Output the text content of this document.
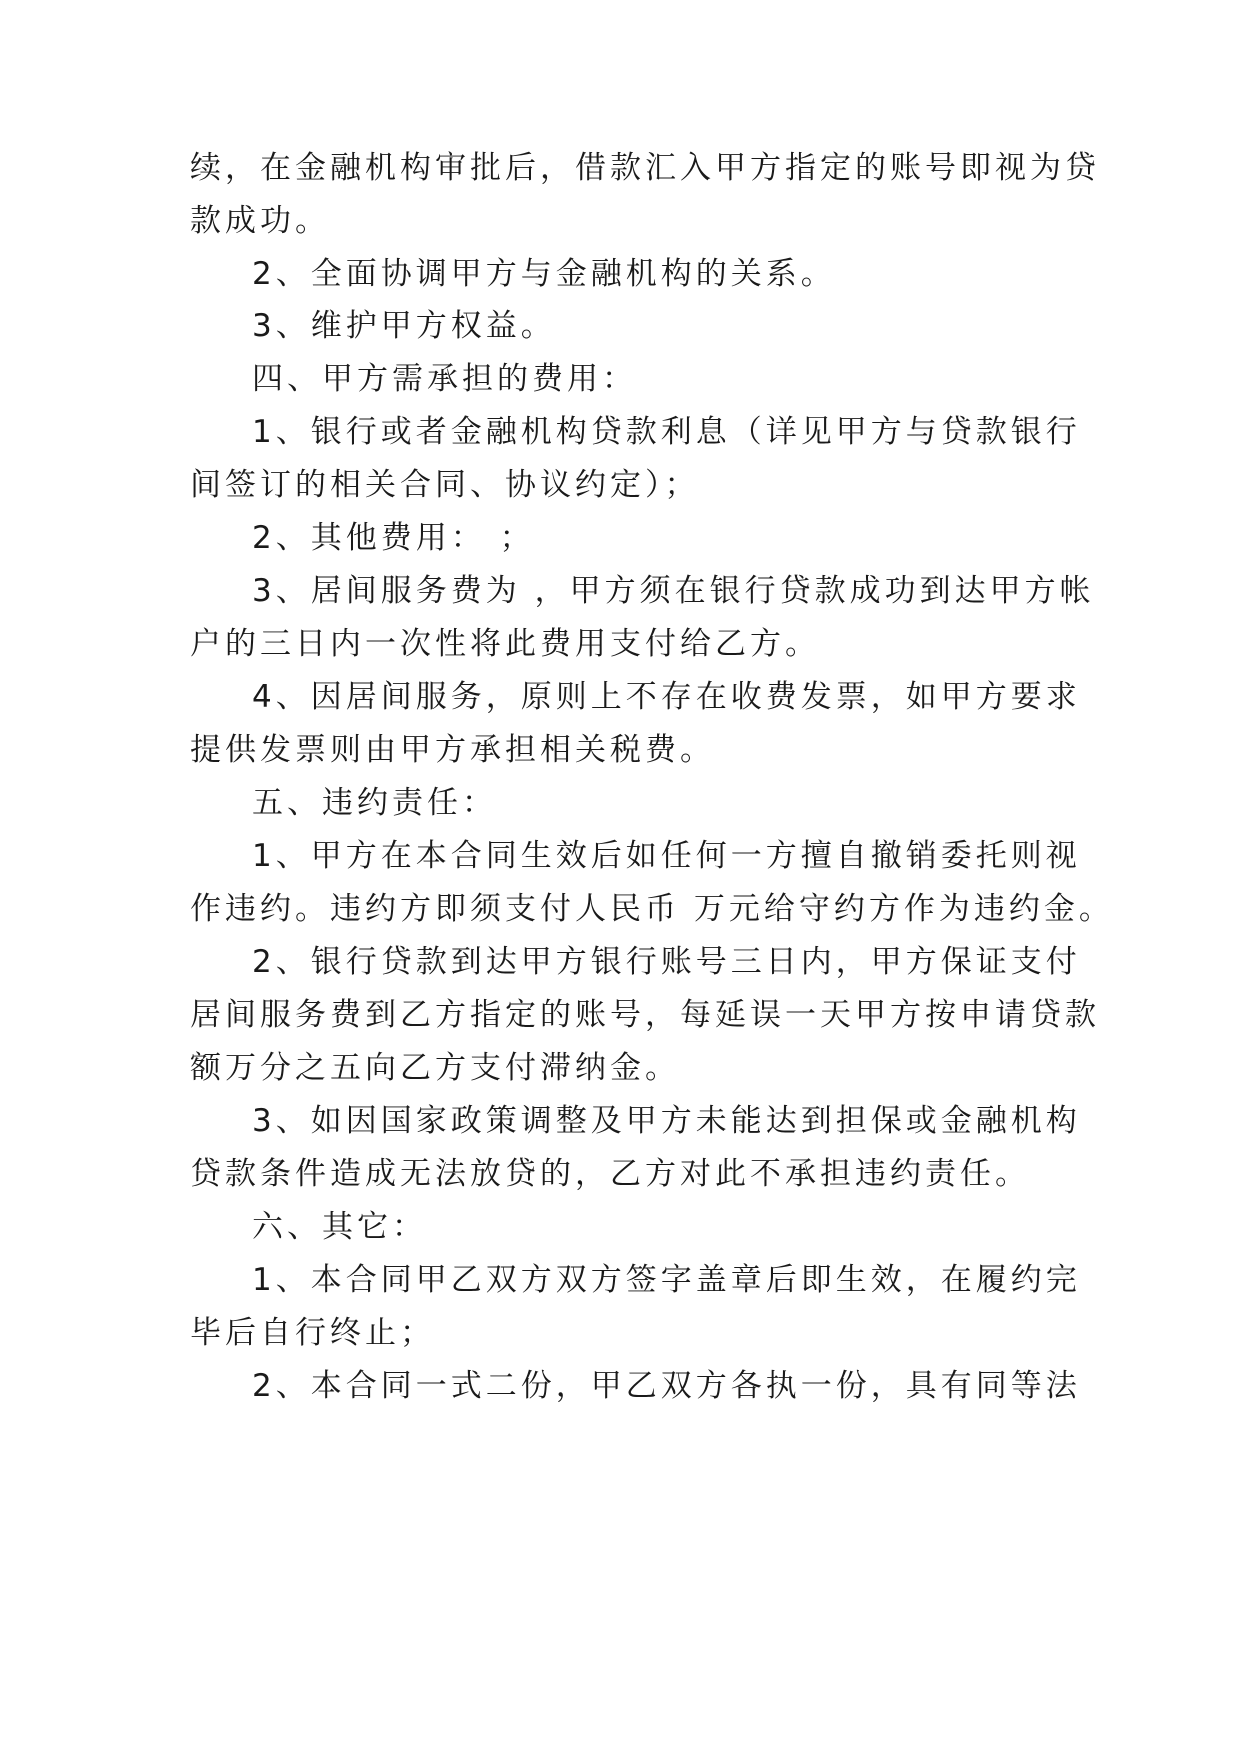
续，在金融机构审批后，借款汇入甲方指定的账号即视为贷
款成功。
2、全面协调甲方与金融机构的关系。
3、维护甲方权益。
四、甲方需承担的费用：
1、银行或者金融机构贷款利息（详见甲方与贷款银行
间签订的相关合同、协议约定）；
2、其他费用： ；
3、居间服务费为 ，甲方须在银行贷款成功到达甲方帐
户的三日内一次性将此费用支付给乙方。
4、因居间服务，原则上不存在收费发票，如甲方要求
提供发票则由甲方承担相关税费。
五、违约责任：
1、甲方在本合同生效后如任何一方擅自撤销委托则视
作违约。违约方即须支付人民币 万元给守约方作为违约金。
2、银行贷款到达甲方银行账号三日内，甲方保证支付
居间服务费到乙方指定的账号，每延误一天甲方按申请贷款
额万分之五向乙方支付滞纳金。
3、如因国家政策调整及甲方未能达到担保或金融机构
贷款条件造成无法放贷的，乙方对此不承担违约责任。
六、其它：
1、本合同甲乙双方双方签字盖章后即生效，在履约完
毕后自行终止；
2、本合同一式二份，甲乙双方各执一份，具有同等法
